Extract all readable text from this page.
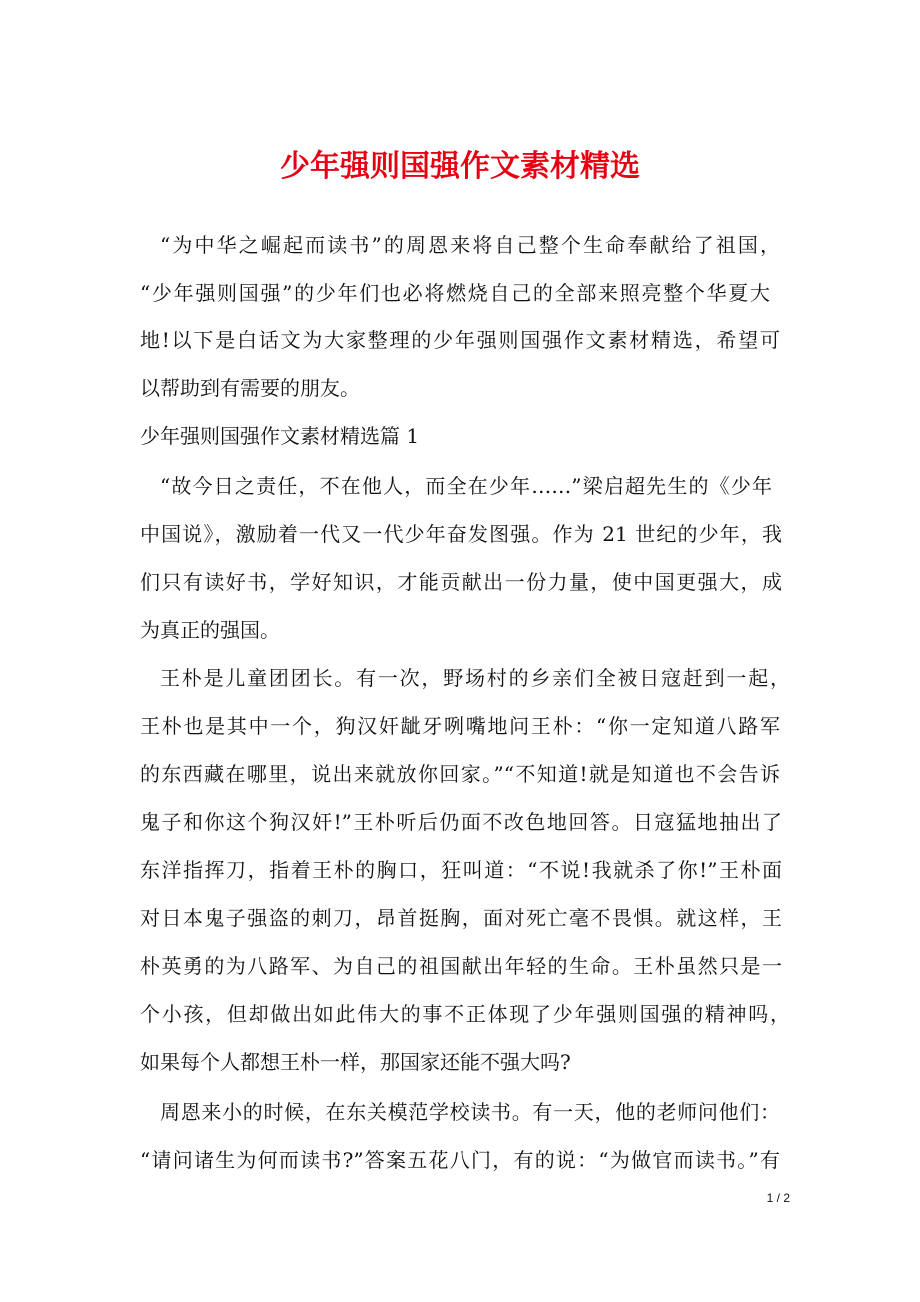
少年强则国强作文素材精选

“为中华之崛起而读书”的周恩来将自己整个生命奉献给了祖国，

“少年强则国强”的少年们也必将燃烧自己的全部来照亮整个华夏大

地!以下是白话文为大家整理的少年强则国强作文素材精选，希望可

以帮助到有需要的朋友。

少年强则国强作文素材精选篇 1

“故今日之责任，不在他人，而全在少年……”梁启超先生的《少年

中国说》，激励着一代又一代少年奋发图强。作为 21 世纪的少年，我

们只有读好书，学好知识，才能贡献出一份力量，使中国更强大，成

为真正的强国。

王朴是儿童团团长。有一次，野场村的乡亲们全被日寇赶到一起，

王朴也是其中一个，狗汉奸龇牙咧嘴地问王朴：“你一定知道八路军

的东西藏在哪里，说出来就放你回家。”“不知道!就是知道也不会告诉

鬼子和你这个狗汉奸!”王朴听后仍面不改色地回答。日寇猛地抽出了

东洋指挥刀，指着王朴的胸口，狂叫道：“不说!我就杀了你!”王朴面

对日本鬼子强盗的刺刀，昂首挺胸，面对死亡毫不畏惧。就这样，王

朴英勇的为八路军、为自己的祖国献出年轻的生命。王朴虽然只是一

个小孩，但却做出如此伟大的事不正体现了少年强则国强的精神吗，

如果每个人都想王朴一样，那国家还能不强大吗?

周恩来小的时候，在东关模范学校读书。有一天，他的老师问他们：

“请问诸生为何而读书?”答案五花八门，有的说：“为做官而读书。”有

1 / 2
